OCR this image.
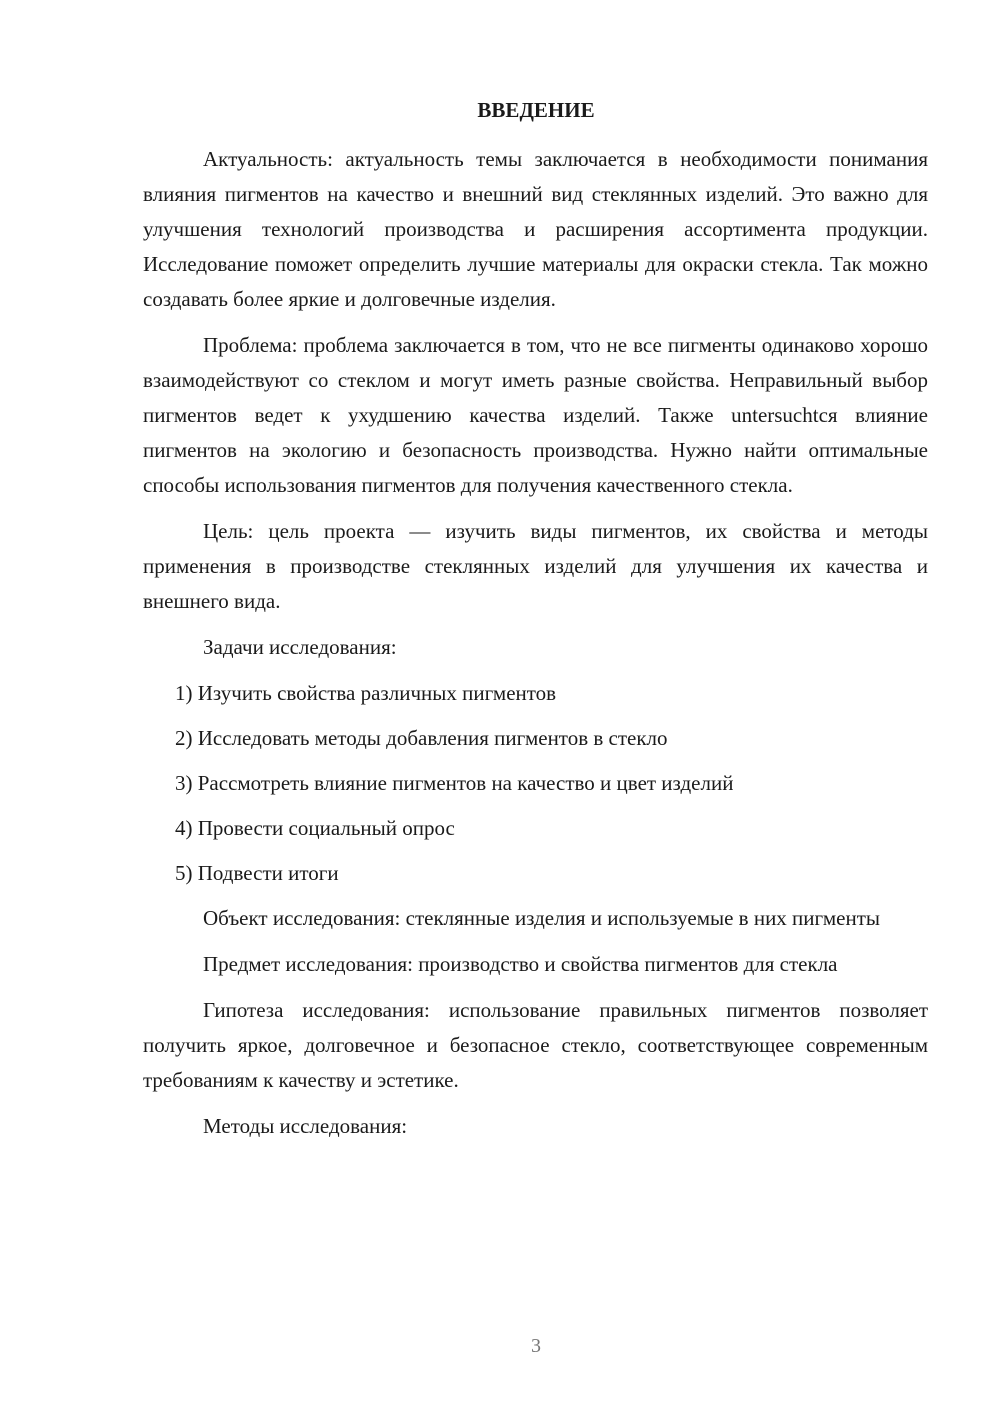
ВВЕДЕНИЕ

Актуальность: актуальность темы заключается в необходимости понимания влияния пигментов на качество и внешний вид стеклянных изделий. Это важно для улучшения технологий производства и расширения ассортимента продукции. Исследование поможет определить лучшие материалы для окраски стекла. Так можно создавать более яркие и долговечные изделия.

Проблема: проблема заключается в том, что не все пигменты одинаково хорошо взаимодействуют со стеклом и могут иметь разные свойства. Неправильный выбор пигментов ведет к ухудшению качества изделий. Также untersuchtcя влияние пигментов на экологию и безопасность производства. Нужно найти оптимальные способы использования пигментов для получения качественного стекла.

Цель: цель проекта — изучить виды пигментов, их свойства и методы применения в производстве стеклянных изделий для улучшения их качества и внешнего вида.

Задачи исследования:

1) Изучить свойства различных пигментов
2) Исследовать методы добавления пигментов в стекло
3) Рассмотреть влияние пигментов на качество и цвет изделий
4) Провести социальный опрос
5) Подвести итоги

Объект исследования: стеклянные изделия и используемые в них пигменты

Предмет исследования: производство и свойства пигментов для стекла

Гипотеза исследования: использование правильных пигментов позволяет получить яркое, долговечное и безопасное стекло, соответствующее современным требованиям к качеству и эстетике.

Методы исследования:

3
